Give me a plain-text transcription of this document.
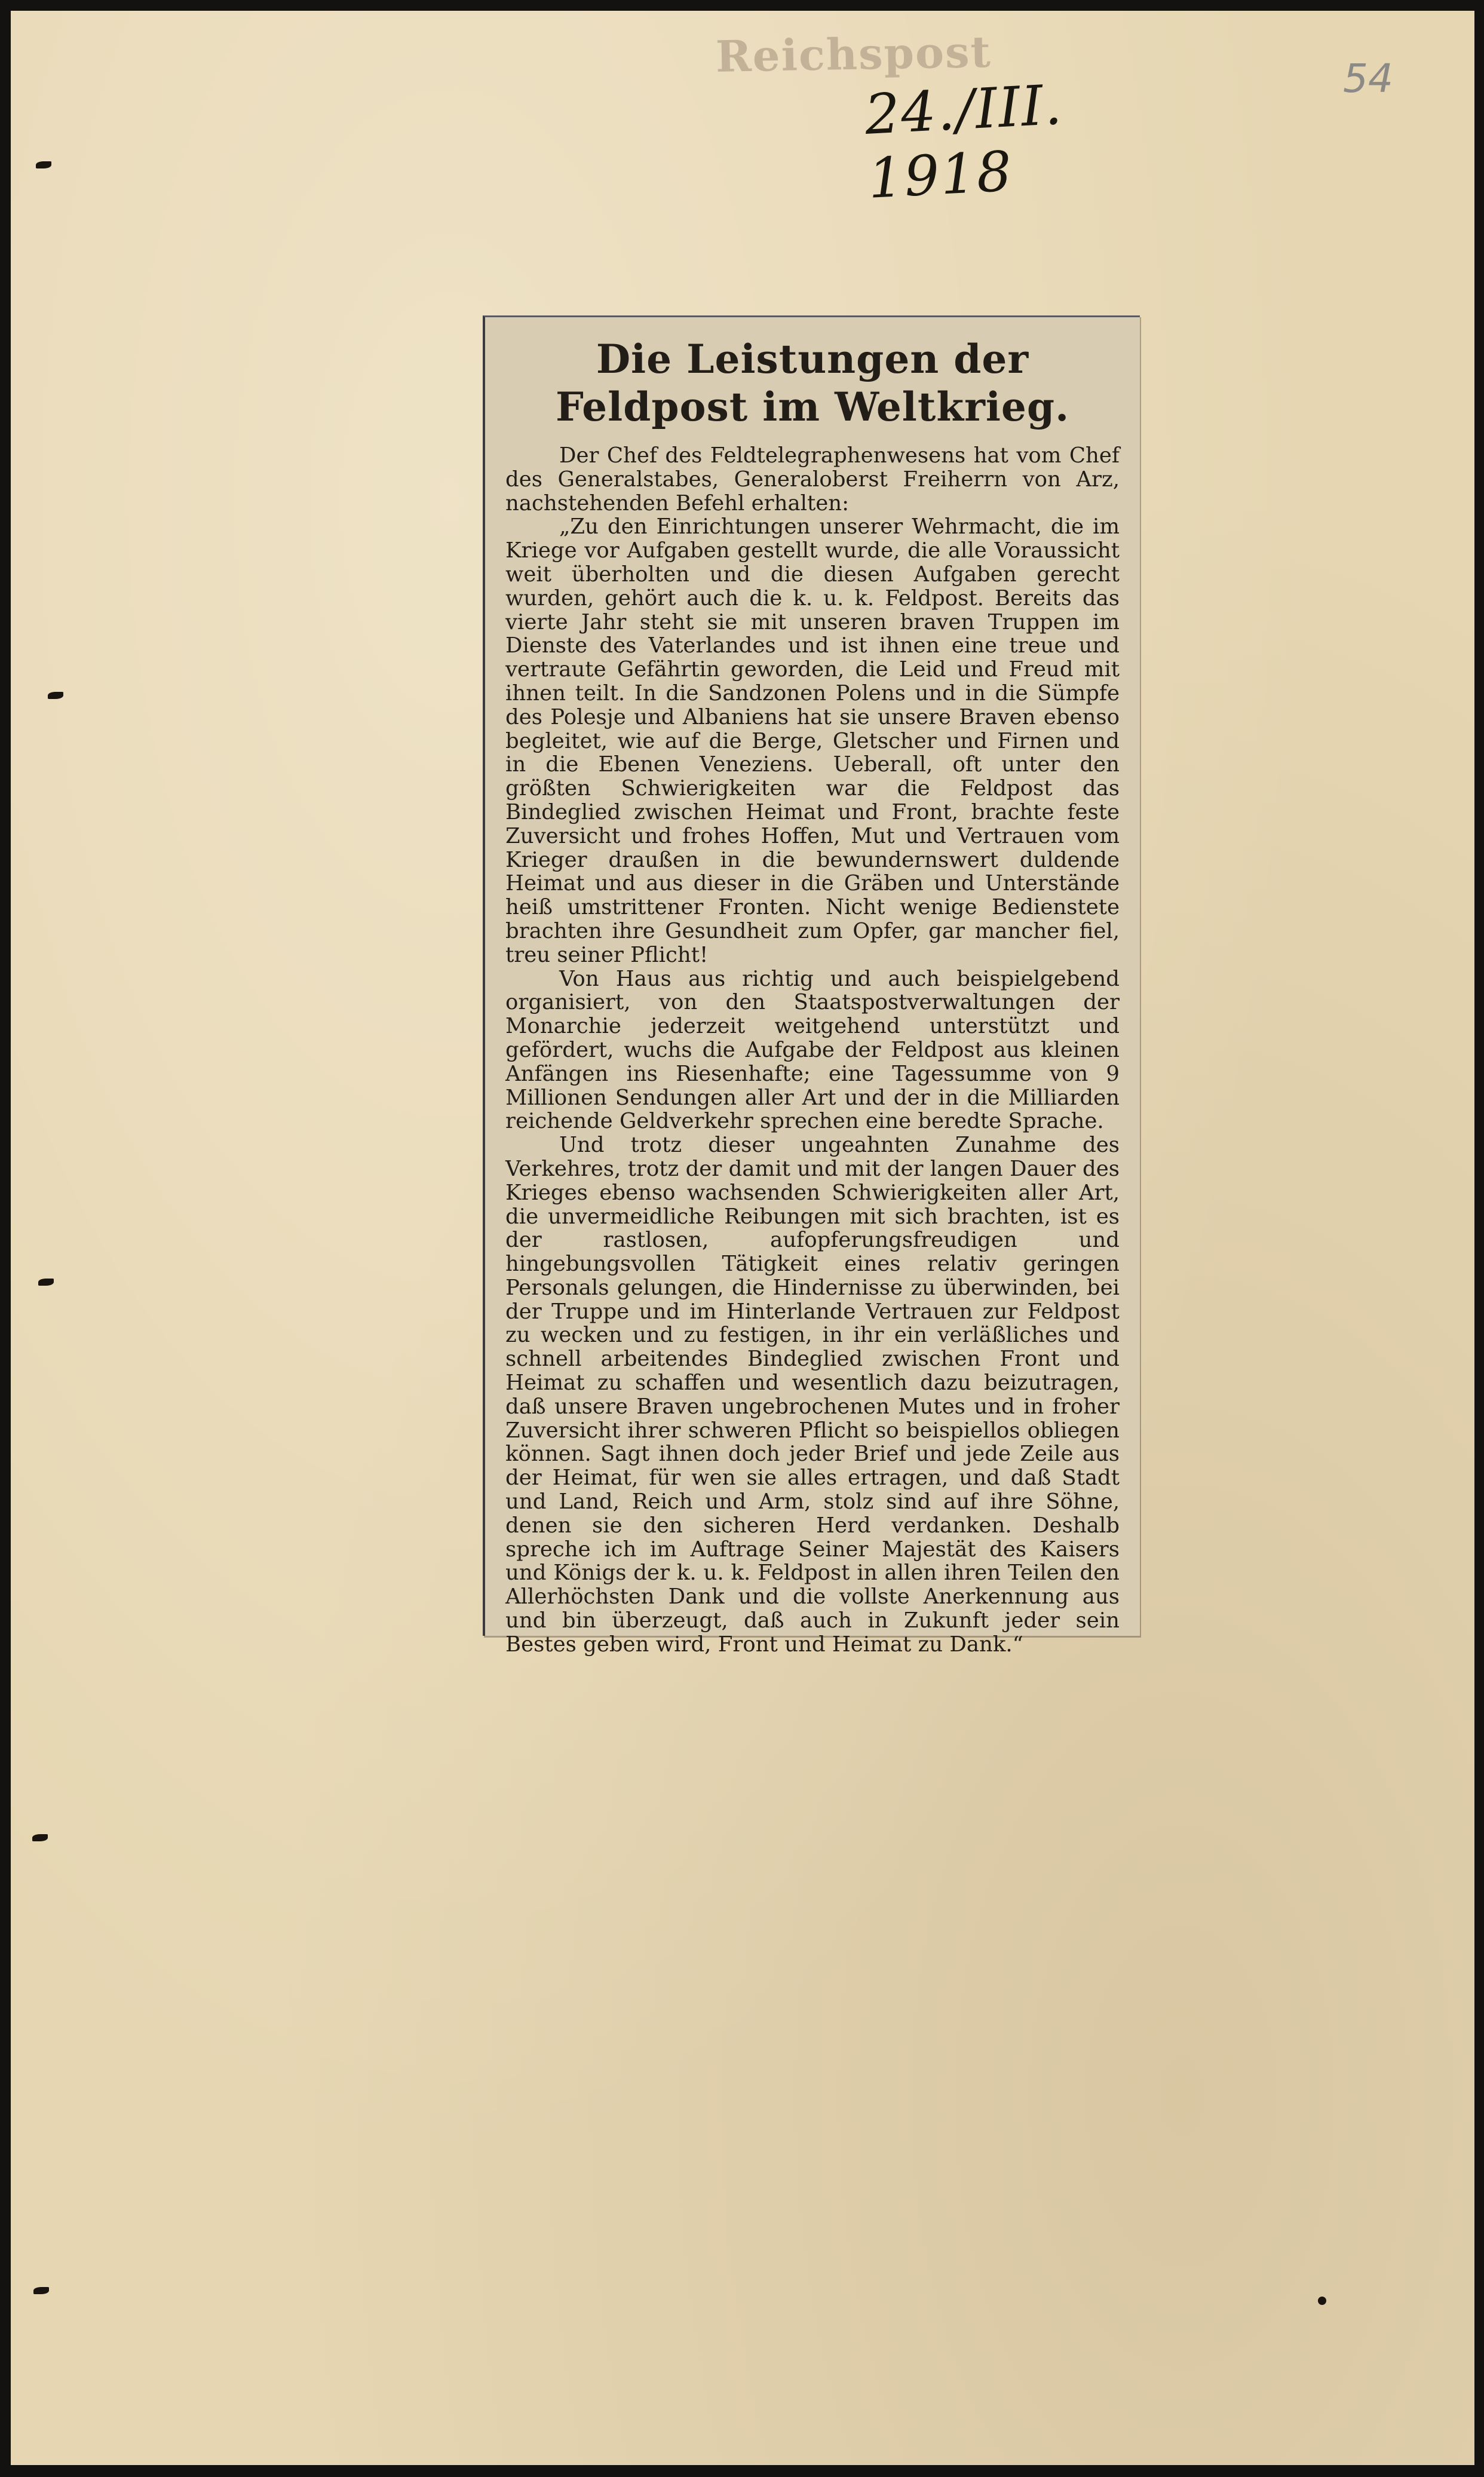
Reichspost
24./III. 1918
54
Die Leistungen der Feldpost im Weltkrieg.

Der Chef des Feldtelegraphenwesens hat vom Chef des Generalstabes, Generaloberst Freiherrn von Arz, nachstehenden Befehl erhalten:

„Zu den Einrichtungen unserer Wehrmacht, die im Kriege vor Aufgaben gestellt wurde, die alle Voraussicht weit überholten und die diesen Aufgaben gerecht wurden, gehört auch die k. u. k. Feldpost. Bereits das vierte Jahr steht sie mit unseren braven Truppen im Dienste des Vaterlandes und ist ihnen eine treue und vertraute Gefährtin geworden, die Leid und Freud mit ihnen teilt. In die Sandzonen Polens und in die Sümpfe des Polesje und Albaniens hat sie unsere Braven ebenso begleitet, wie auf die Berge, Gletscher und Firnen und in die Ebenen Veneziens. Ueberall, oft unter den größten Schwierigkeiten war die Feldpost das Bindeglied zwischen Heimat und Front, brachte feste Zuversicht und frohes Hoffen, Mut und Vertrauen vom Krieger draußen in die bewundernswert duldende Heimat und aus dieser in die Gräben und Unterstände heiß umstrittener Fronten. Nicht wenige Bedienstete brachten ihre Gesundheit zum Opfer, gar mancher fiel, treu seiner Pflicht!

Von Haus aus richtig und auch beispielgebend organisiert, von den Staatspostverwaltungen der Monarchie jederzeit weitgehend unterstützt und gefördert, wuchs die Aufgabe der Feldpost aus kleinen Anfängen ins Riesenhafte; eine Tagessumme von 9 Millionen Sendungen aller Art und der in die Milliarden reichende Geldverkehr sprechen eine beredte Sprache.

Und trotz dieser ungeahnten Zunahme des Verkehres, trotz der damit und mit der langen Dauer des Krieges ebenso wachsenden Schwierigkeiten aller Art, die unvermeidliche Reibungen mit sich brachten, ist es der rastlosen, aufopferungsfreudigen und hingebungsvollen Tätigkeit eines relativ geringen Personals gelungen, die Hindernisse zu überwinden, bei der Truppe und im Hinterlande Vertrauen zur Feldpost zu wecken und zu festigen, in ihr ein verläßliches und schnell arbeitendes Bindeglied zwischen Front und Heimat zu schaffen und wesentlich dazu beizutragen, daß unsere Braven ungebrochenen Mutes und in froher Zuversicht ihrer schweren Pflicht so beispiellos obliegen können. Sagt ihnen doch jeder Brief und jede Zeile aus der Heimat, für wen sie alles ertragen, und daß Stadt und Land, Reich und Arm, stolz sind auf ihre Söhne, denen sie den sicheren Herd verdanken. Deshalb spreche ich im Auftrage Seiner Majestät des Kaisers und Königs der k. u. k. Feldpost in allen ihren Teilen den Allerhöchsten Dank und die vollste Anerkennung aus und bin überzeugt, daß auch in Zukunft jeder sein Bestes geben wird, Front und Heimat zu Dank.“
